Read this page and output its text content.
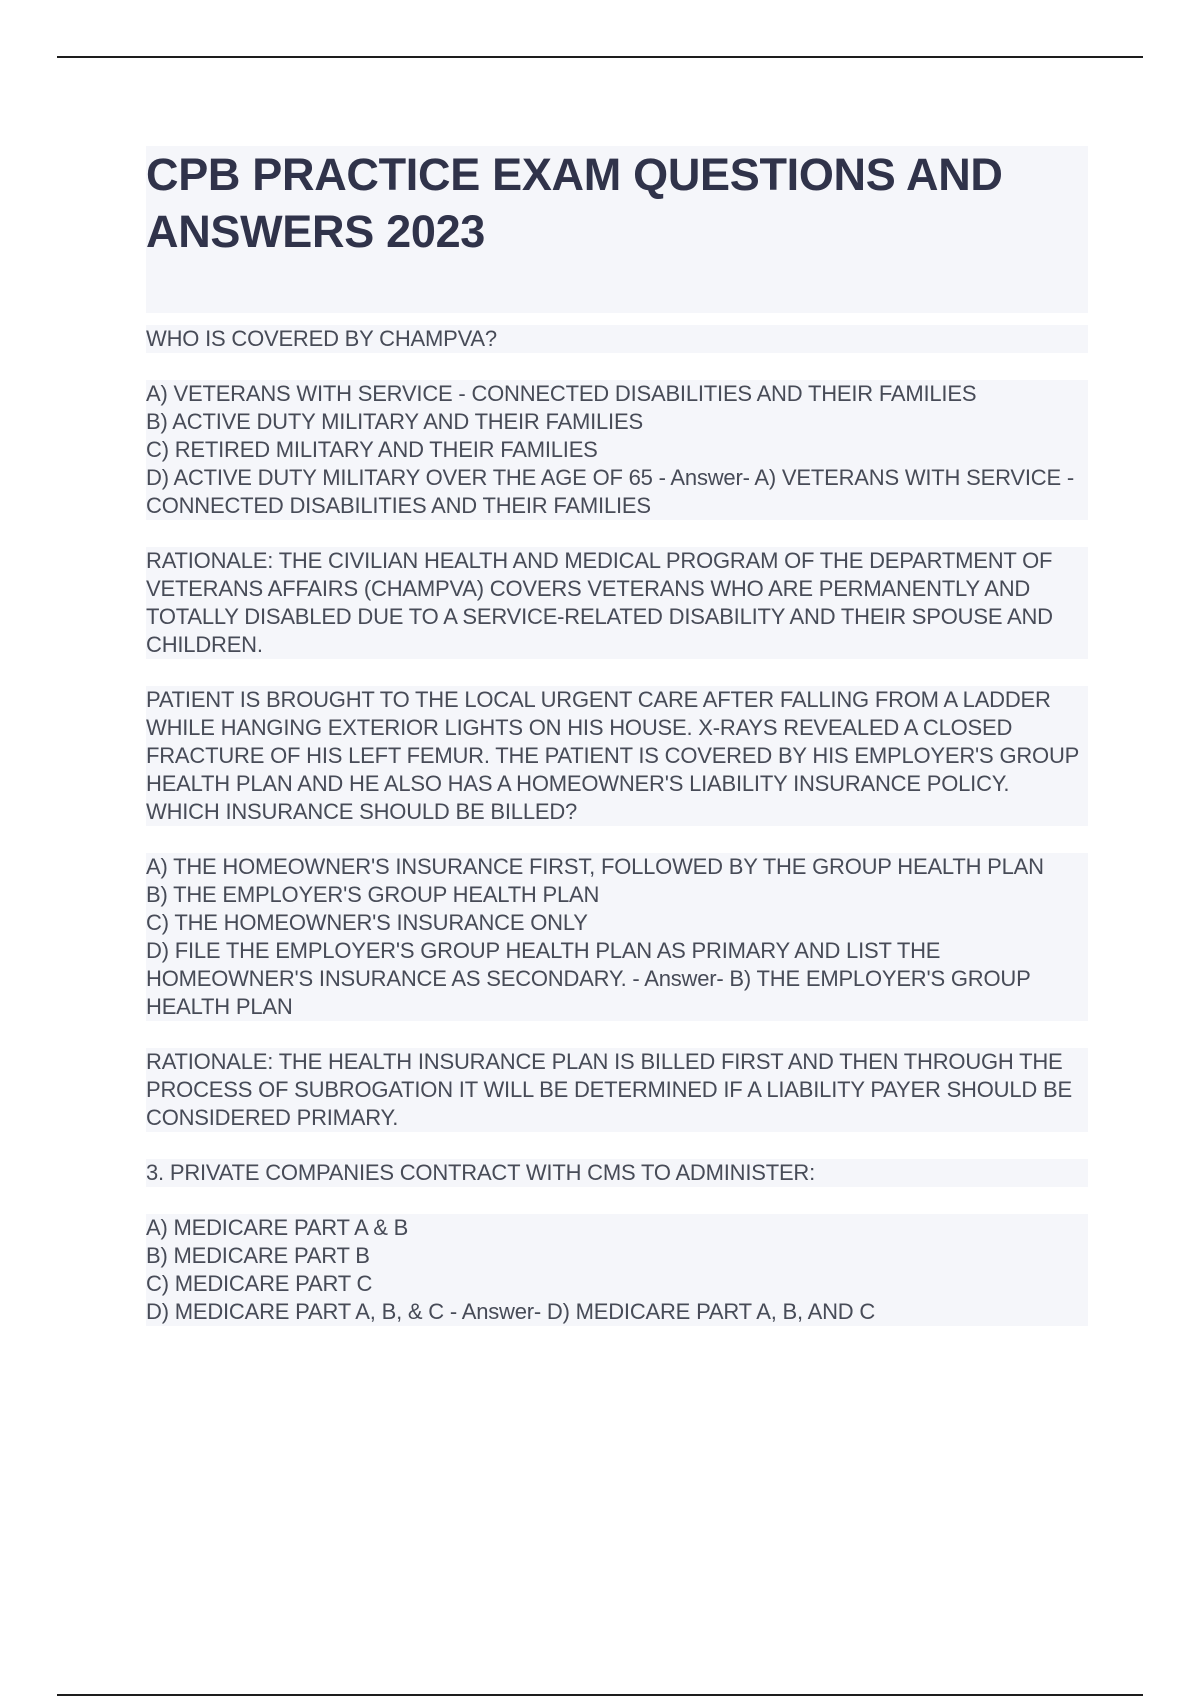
CPB PRACTICE EXAM QUESTIONS AND ANSWERS 2023
WHO IS COVERED BY CHAMPVA?
A) VETERANS WITH SERVICE - CONNECTED DISABILITIES AND THEIR FAMILIES
B) ACTIVE DUTY MILITARY AND THEIR FAMILIES
C) RETIRED MILITARY AND THEIR FAMILIES
D) ACTIVE DUTY MILITARY OVER THE AGE OF 65 - Answer- A) VETERANS WITH SERVICE - CONNECTED DISABILITIES AND THEIR FAMILIES
RATIONALE: THE CIVILIAN HEALTH AND MEDICAL PROGRAM OF THE DEPARTMENT OF VETERANS AFFAIRS (CHAMPVA) COVERS VETERANS WHO ARE PERMANENTLY AND TOTALLY DISABLED DUE TO A SERVICE-RELATED DISABILITY AND THEIR SPOUSE AND CHILDREN.
PATIENT IS BROUGHT TO THE LOCAL URGENT CARE AFTER FALLING FROM A LADDER WHILE HANGING EXTERIOR LIGHTS ON HIS HOUSE. X-RAYS REVEALED A CLOSED FRACTURE OF HIS LEFT FEMUR. THE PATIENT IS COVERED BY HIS EMPLOYER'S GROUP HEALTH PLAN AND HE ALSO HAS A HOMEOWNER'S LIABILITY INSURANCE POLICY. WHICH INSURANCE SHOULD BE BILLED?
A) THE HOMEOWNER'S INSURANCE FIRST, FOLLOWED BY THE GROUP HEALTH PLAN
B) THE EMPLOYER'S GROUP HEALTH PLAN
C) THE HOMEOWNER'S INSURANCE ONLY
D) FILE THE EMPLOYER'S GROUP HEALTH PLAN AS PRIMARY AND LIST THE HOMEOWNER'S INSURANCE AS SECONDARY. - Answer- B) THE EMPLOYER'S GROUP HEALTH PLAN
RATIONALE: THE HEALTH INSURANCE PLAN IS BILLED FIRST AND THEN THROUGH THE PROCESS OF SUBROGATION IT WILL BE DETERMINED IF A LIABILITY PAYER SHOULD BE CONSIDERED PRIMARY.
3. PRIVATE COMPANIES CONTRACT WITH CMS TO ADMINISTER:
A) MEDICARE PART A & B
B) MEDICARE PART B
C) MEDICARE PART C
D) MEDICARE PART A, B, & C - Answer- D) MEDICARE PART A, B, AND C
